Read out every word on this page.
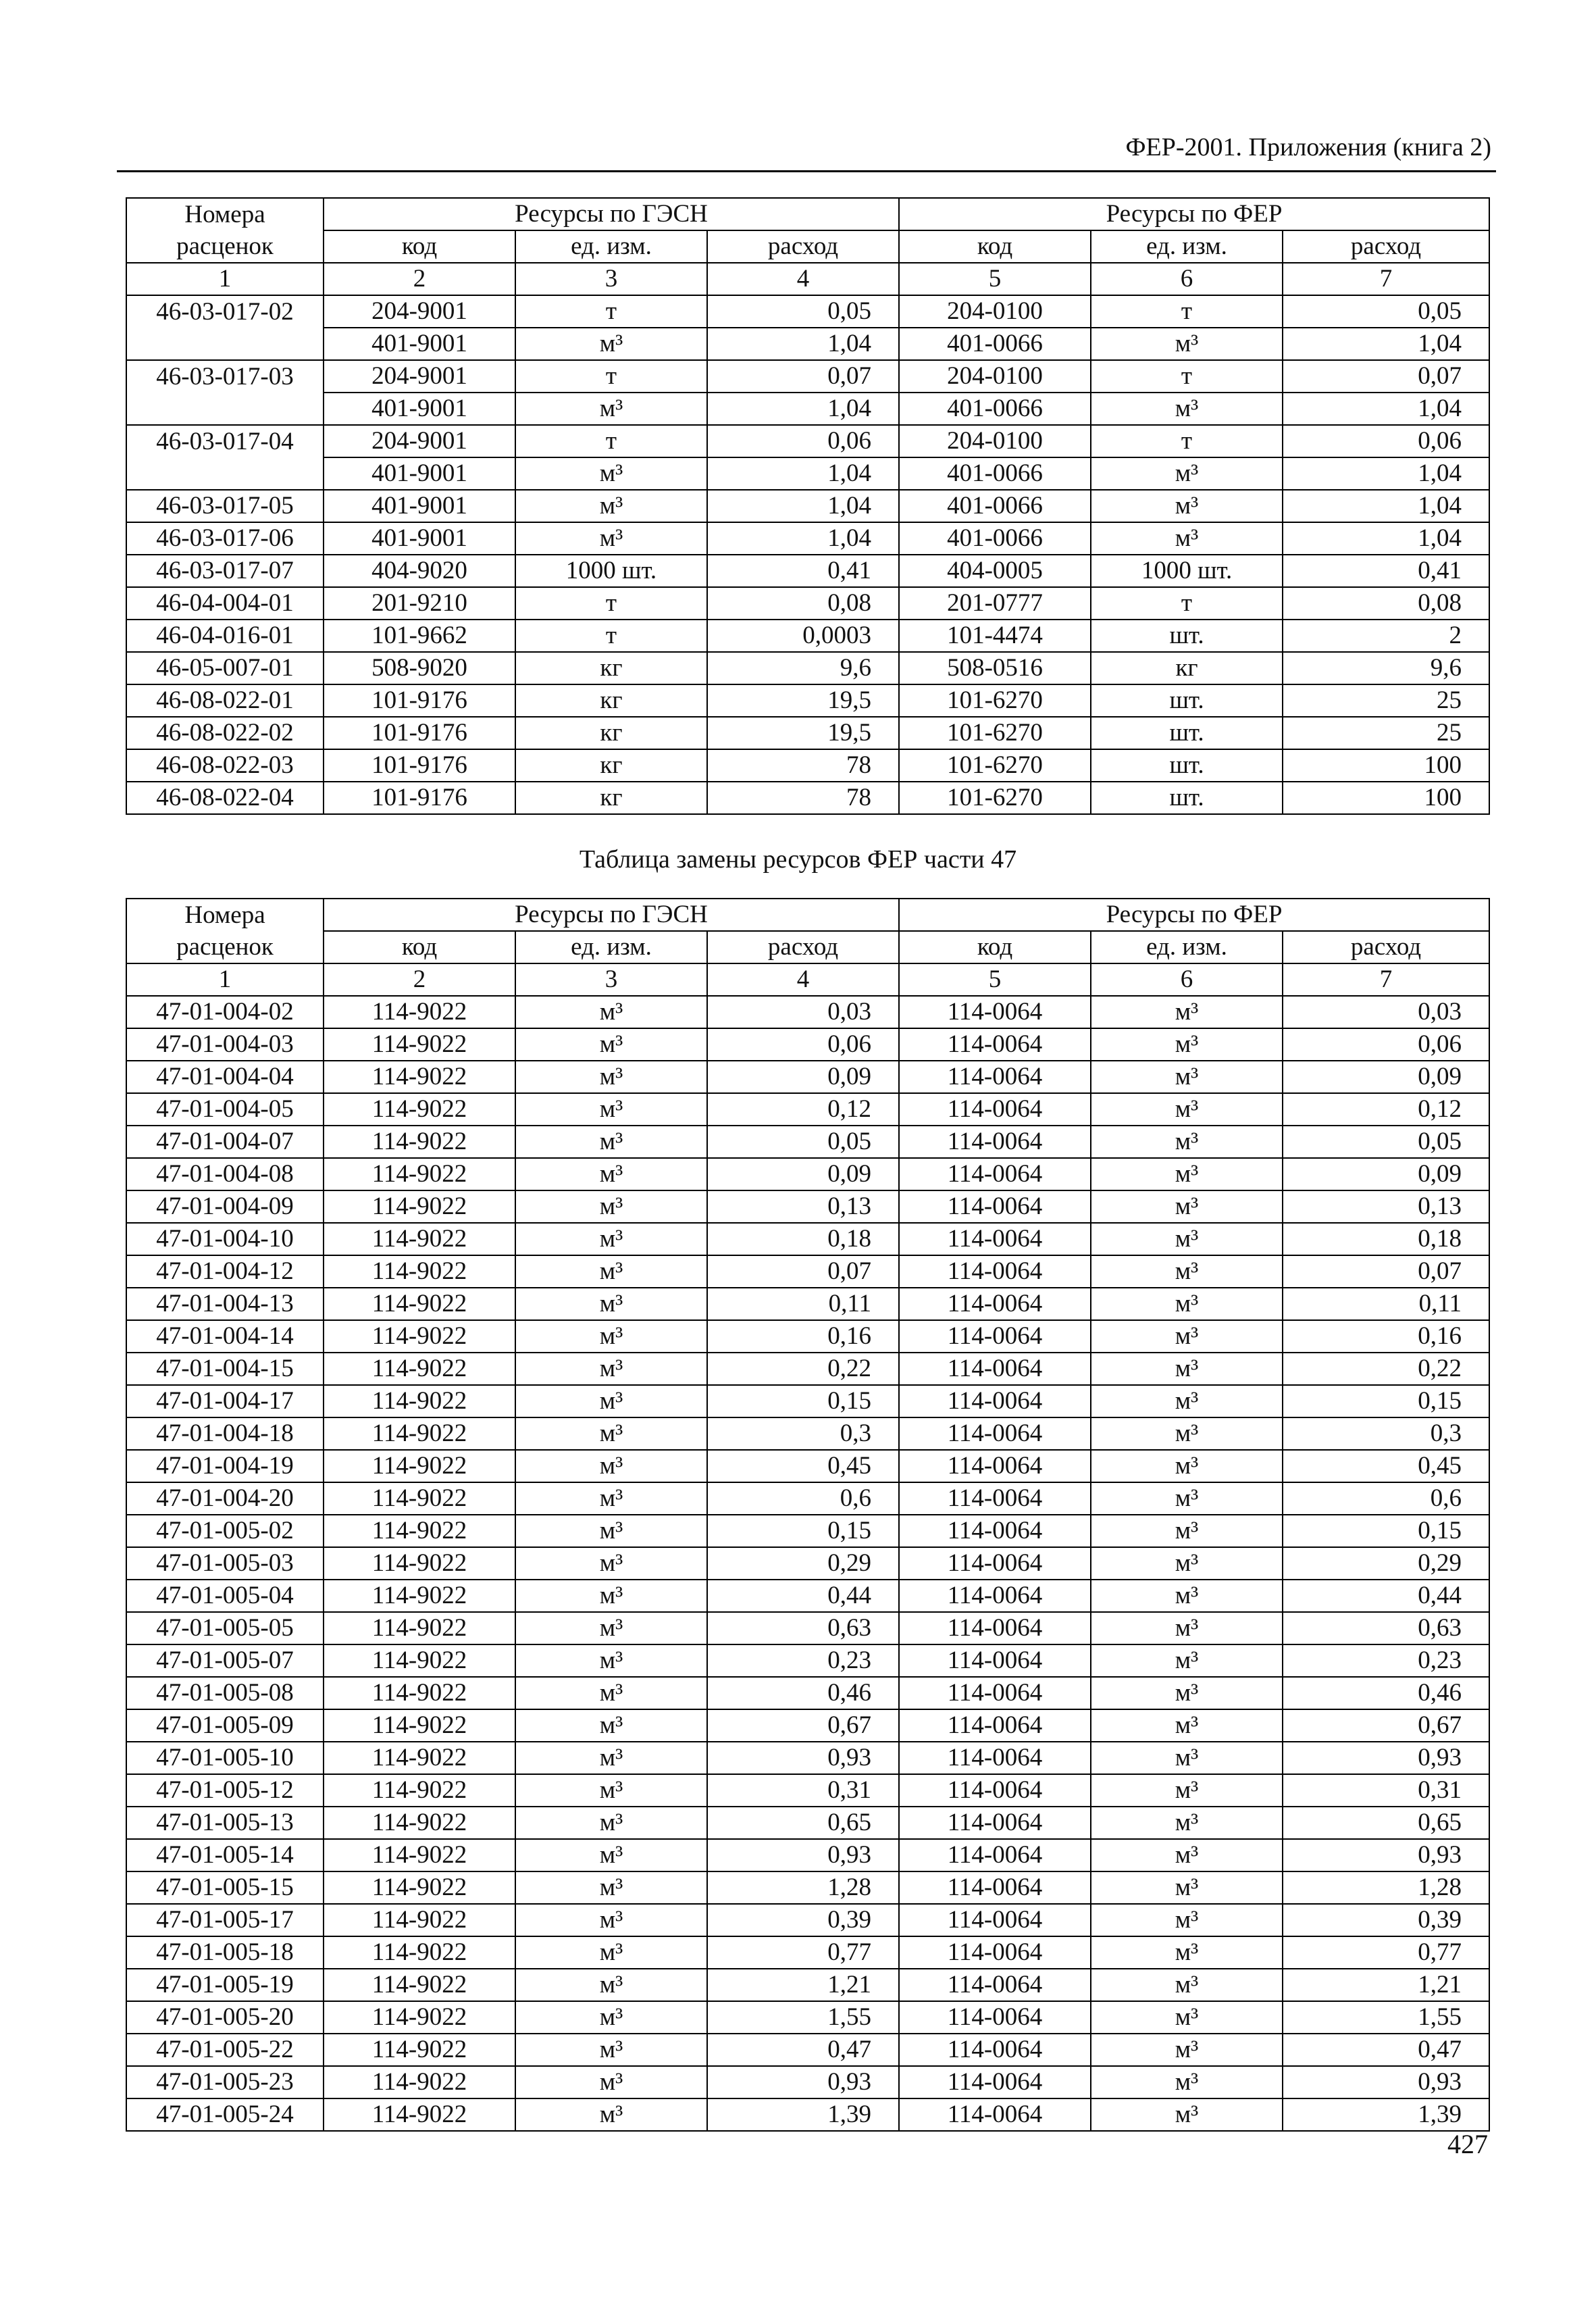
ФЕР-2001. Приложения (книга 2)
Номера	Ресурсы по ГЭСН			Ресурсы по ФЕР		
расценок	код	ед. изм.	расход	код	ед. изм.	расход
1	2	3	4	5	6	7
46-03-017-02	204-9001	т	0,05	204-0100	т	0,05
	401-9001	м³	1,04	401-0066	м³	1,04
46-03-017-03	204-9001	т	0,07	204-0100	т	0,07
	401-9001	м³	1,04	401-0066	м³	1,04
46-03-017-04	204-9001	т	0,06	204-0100	т	0,06
	401-9001	м³	1,04	401-0066	м³	1,04
46-03-017-05	401-9001	м³	1,04	401-0066	м³	1,04
46-03-017-06	401-9001	м³	1,04	401-0066	м³	1,04
46-03-017-07	404-9020	1000 шт.	0,41	404-0005	1000 шт.	0,41
46-04-004-01	201-9210	т	0,08	201-0777	т	0,08
46-04-016-01	101-9662	т	0,0003	101-4474	шт.	2
46-05-007-01	508-9020	кг	9,6	508-0516	кг	9,6
46-08-022-01	101-9176	кг	19,5	101-6270	шт.	25
46-08-022-02	101-9176	кг	19,5	101-6270	шт.	25
46-08-022-03	101-9176	кг	78	101-6270	шт.	100
46-08-022-04	101-9176	кг	78	101-6270	шт.	100
Таблица замены ресурсов ФЕР части 47
Номера	Ресурсы по ГЭСН			Ресурсы по ФЕР		
расценок	код	ед. изм.	расход	код	ед. изм.	расход
1	2	3	4	5	6	7
47-01-004-02	114-9022	м³	0,03	114-0064	м³	0,03
47-01-004-03	114-9022	м³	0,06	114-0064	м³	0,06
47-01-004-04	114-9022	м³	0,09	114-0064	м³	0,09
47-01-004-05	114-9022	м³	0,12	114-0064	м³	0,12
47-01-004-07	114-9022	м³	0,05	114-0064	м³	0,05
47-01-004-08	114-9022	м³	0,09	114-0064	м³	0,09
47-01-004-09	114-9022	м³	0,13	114-0064	м³	0,13
47-01-004-10	114-9022	м³	0,18	114-0064	м³	0,18
47-01-004-12	114-9022	м³	0,07	114-0064	м³	0,07
47-01-004-13	114-9022	м³	0,11	114-0064	м³	0,11
47-01-004-14	114-9022	м³	0,16	114-0064	м³	0,16
47-01-004-15	114-9022	м³	0,22	114-0064	м³	0,22
47-01-004-17	114-9022	м³	0,15	114-0064	м³	0,15
47-01-004-18	114-9022	м³	0,3	114-0064	м³	0,3
47-01-004-19	114-9022	м³	0,45	114-0064	м³	0,45
47-01-004-20	114-9022	м³	0,6	114-0064	м³	0,6
47-01-005-02	114-9022	м³	0,15	114-0064	м³	0,15
47-01-005-03	114-9022	м³	0,29	114-0064	м³	0,29
47-01-005-04	114-9022	м³	0,44	114-0064	м³	0,44
47-01-005-05	114-9022	м³	0,63	114-0064	м³	0,63
47-01-005-07	114-9022	м³	0,23	114-0064	м³	0,23
47-01-005-08	114-9022	м³	0,46	114-0064	м³	0,46
47-01-005-09	114-9022	м³	0,67	114-0064	м³	0,67
47-01-005-10	114-9022	м³	0,93	114-0064	м³	0,93
47-01-005-12	114-9022	м³	0,31	114-0064	м³	0,31
47-01-005-13	114-9022	м³	0,65	114-0064	м³	0,65
47-01-005-14	114-9022	м³	0,93	114-0064	м³	0,93
47-01-005-15	114-9022	м³	1,28	114-0064	м³	1,28
47-01-005-17	114-9022	м³	0,39	114-0064	м³	0,39
47-01-005-18	114-9022	м³	0,77	114-0064	м³	0,77
47-01-005-19	114-9022	м³	1,21	114-0064	м³	1,21
47-01-005-20	114-9022	м³	1,55	114-0064	м³	1,55
47-01-005-22	114-9022	м³	0,47	114-0064	м³	0,47
47-01-005-23	114-9022	м³	0,93	114-0064	м³	0,93
47-01-005-24	114-9022	м³	1,39	114-0064	м³	1,39
427
